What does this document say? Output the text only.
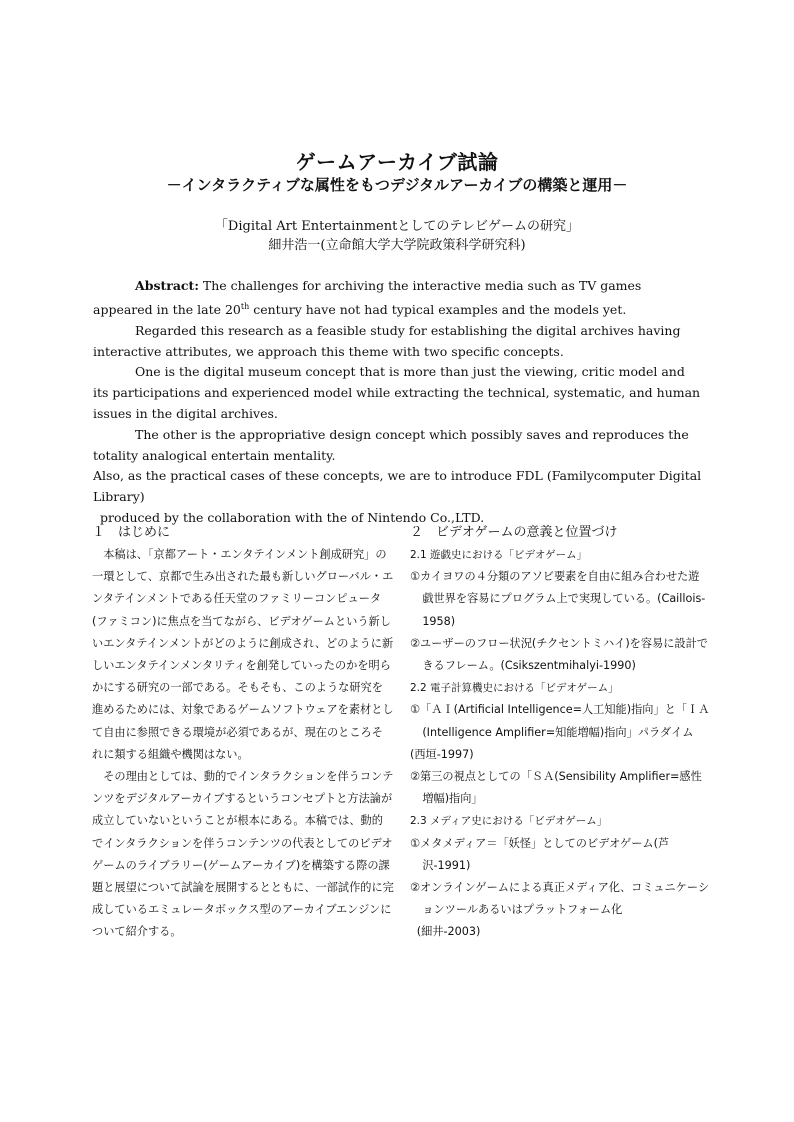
ゲームアーカイブ試論
－インタラクティブな属性をもつデジタルアーカイブの構築と運用－
「Digital Art Entertainmentとしてのテレビゲームの研究」
細井浩一(立命館大学大学院政策科学研究科)

Abstract: The challenges for archiving the interactive media such as TV games appeared in the late 20th century have not had typical examples and the models yet.

Regarded this research as a feasible study for establishing the digital archives having interactive attributes, we approach this theme with two specific concepts.

One is the digital museum concept that is more than just the viewing, critic model and its participations and experienced model while extracting the technical, systematic, and human issues in the digital archives.

The other is the appropriative design concept which possibly saves and reproduces the totality analogical entertain mentality.

Also, as the practical cases of these concepts, we are to introduce FDL (Familycomputer Digital Library)

produced by the collaboration with the of Nintendo Co.,LTD.

１　はじめに

本稿は、「京都アート・エンタテインメント創成研究」の一環として、京都で生み出された最も新しいグローバル・エンタテインメントである任天堂のファミリーコンピュータ(ファミコン)に焦点を当てながら、ビデオゲームという新しいエンタテインメントがどのように創成され、どのように新しいエンタテインメンタリティを創発していったのかを明らかにする研究の一部である。そもそも、このような研究を進めるためには、対象であるゲームソフトウェアを素材として自由に参照できる環境が必須であるが、現在のところそれに類する組織や機関はない。

その理由としては、動的でインタラクションを伴うコンテンツをデジタルアーカイブするというコンセプトと方法論が成立していないということが根本にある。本稿では、動的でインタラクションを伴うコンテンツの代表としてのビデオゲームのライブラリー(ゲームアーカイブ)を構築する際の課題と展望について試論を展開するとともに、一部試作的に完成しているエミュレータボックス型のアーカイブエンジンについて紹介する。

２　ビデオゲームの意義と位置づけ

2.1 遊戯史における「ビデオゲーム」

①カイヨワの４分類のアソビ要素を自由に組み合わせた遊戯世界を容易にプログラム上で実現している。(Caillois-1958)

②ユーザーのフロー状況(チクセントミハイ)を容易に設計できるフレーム。(Csikszentmihalyi-1990)

2.2 電子計算機史における「ビデオゲーム」

①「ＡＩ(Artificial Intelligence=人工知能)指向」と「ＩＡ(Intelligence Amplifier=知能増幅)指向」パラダイム

(西垣-1997)

②第三の視点としての「ＳＡ(Sensibility Amplifier=感性増幅)指向」

2.3 メディア史における「ビデオゲーム」

①メタメディア＝「妖怪」としてのビデオゲーム(芦沢-1991)

②オンラインゲームによる真正メディア化、コミュニケーションツールあるいはプラットフォーム化

(細井-2003)
